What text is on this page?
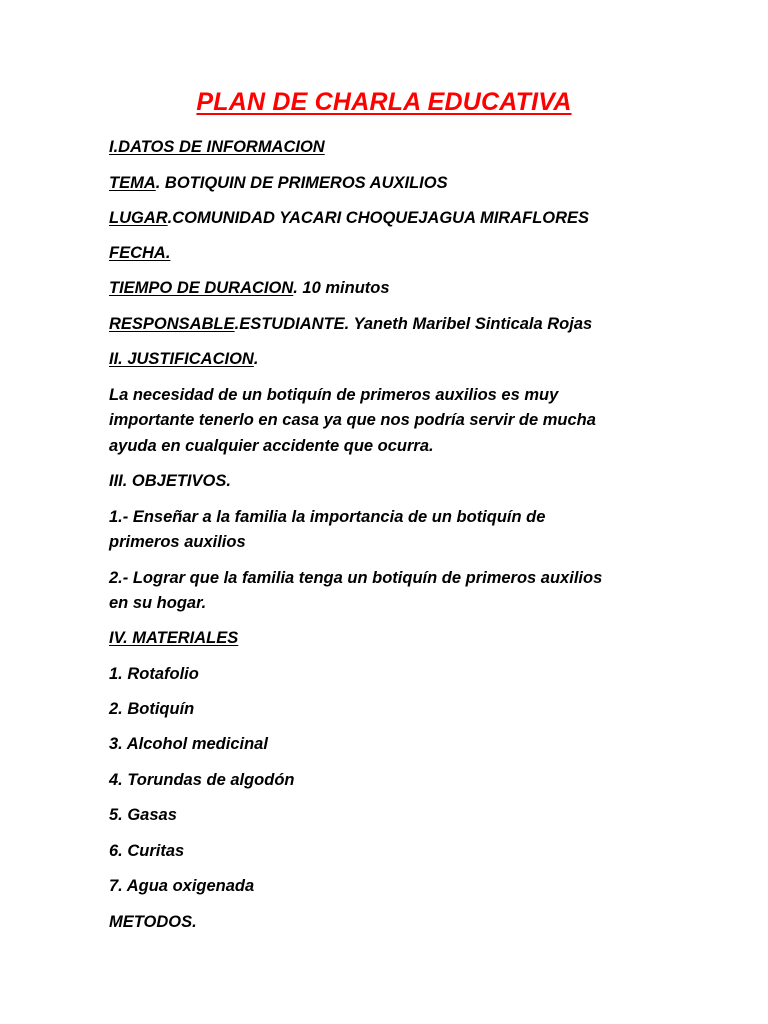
PLAN DE CHARLA EDUCATIVA
I.DATOS DE INFORMACION
TEMA. BOTIQUIN DE PRIMEROS AUXILIOS
LUGAR.COMUNIDAD YACARI CHOQUEJAGUA MIRAFLORES
FECHA.
TIEMPO DE DURACION. 10 minutos
RESPONSABLE.ESTUDIANTE. Yaneth Maribel Sinticala Rojas
II. JUSTIFICACION.
La necesidad de un botiquín de primeros auxilios es muy
importante tenerlo en casa ya que nos podría servir de mucha
ayuda en cualquier accidente que ocurra.
III. OBJETIVOS.
1.- Enseñar a la familia la importancia de un botiquín de
primeros auxilios
2.- Lograr que la familia tenga un botiquín de primeros auxilios
en su hogar.
IV. MATERIALES
1. Rotafolio
2. Botiquín
3. Alcohol medicinal
4. Torundas de algodón
5. Gasas
6. Curitas
7. Agua oxigenada
METODOS.
